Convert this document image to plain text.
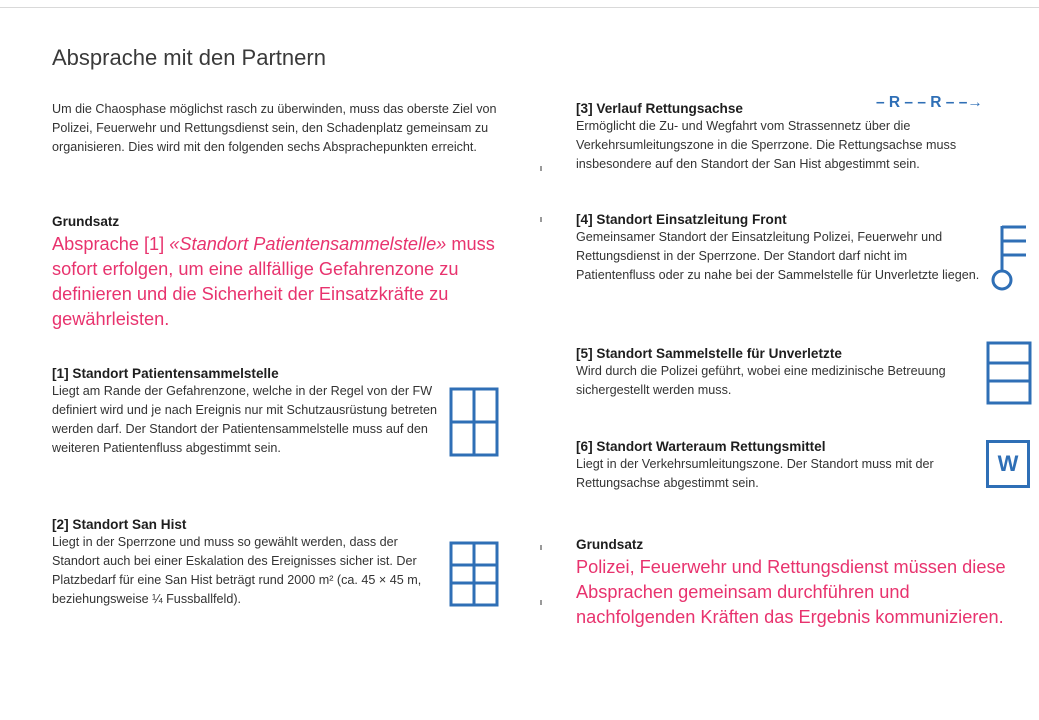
Absprache mit den Partnern

Um die Chaosphase möglichst rasch zu überwinden, muss das oberste Ziel von Polizei, Feuerwehr und Rettungsdienst sein, den Schadenplatz gemeinsam zu organisieren. Dies wird mit den folgenden sechs Absprachepunkten erreicht.

Grundsatz

Absprache [1] «Standort Patientensammelstelle» muss sofort erfolgen, um eine allfällige Gefahrenzone zu definieren und die Sicherheit der Einsatzkräfte zu gewährleisten.

[1] Standort Patientensammelstelle

Liegt am Rande der Gefahrenzone, welche in der Regel von der FW definiert wird und je nach Ereignis nur mit Schutzausrüstung betreten werden darf. Der Standort der Patientensammelstelle muss auf den weiteren Patientenfluss abgestimmt sein.

[2] Standort San Hist

Liegt in der Sperrzone und muss so gewählt werden, dass der Standort auch bei einer Eskalation des Ereignisses sicher ist. Der Platzbedarf für eine San Hist beträgt rund 2000 m² (ca. 45 × 45 m, beziehungsweise ¼ Fussballfeld).

[3] Verlauf Rettungsachse

Ermöglicht die Zu- und Wegfahrt vom Strassennetz über die Verkehrsumleitungszone in die Sperrzone. Die Rettungsachse muss insbesondere auf den Standort der San Hist abgestimmt sein.

– R – – R – –→

[4] Standort Einsatzleitung Front

Gemeinsamer Standort der Einsatzleitung Polizei, Feuerwehr und Rettungsdienst in der Sperrzone. Der Standort darf nicht im Patientenfluss oder zu nahe bei der Sammelstelle für Unverletzte liegen.

[5] Standort Sammelstelle für Unverletzte

Wird durch die Polizei geführt, wobei eine medizinische Betreuung sichergestellt werden muss.

[6] Standort Warteraum Rettungsmittel

Liegt in der Verkehrsumleitungszone. Der Standort muss mit der Rettungsachse abgestimmt sein.

W

Grundsatz

Polizei, Feuerwehr und Rettungsdienst müssen diese Absprachen gemeinsam durchführen und nachfolgenden Kräften das Ergebnis kommunizieren.
